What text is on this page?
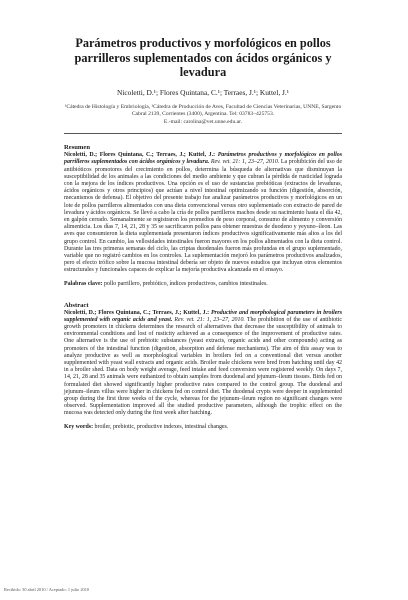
Parámetros productivos y morfológicos en pollos parrilleros suplementados con ácidos orgánicos y levadura
Nicoletti, D.¹; Flores Quintana, C.¹; Terraes, J.¹; Kuttel, J.¹
¹Cátedra de Histología y Embriología, ¹Cátedra de Producción de Aves, Facultad de Ciencias Veterinarias, UNNE, Sargento Cabral 2139, Corrientes (3400), Argentina. Tel: 03783–425753.
E.-mail: carolina@vet.unne.edu.ar.
Resumen

Nicoletti, D.; Flores Quintana, C.; Terraes, J.; Kuttel, J.: Parámetros productivos y morfológicos en pollos parrilleros suplementados con ácidos orgánicos y levadura. Rev. vet. 21: 1, 23–27, 2010. La prohibición del uso de antibióticos promotores del crecimiento en pollos, determina la búsqueda de alternativas que disminuyan la susceptibilidad de los animales a las condiciones del medio ambiente y que cubran la pérdida de rusticidad lograda con la mejora de los índices productivos. Una opción es el uso de sustancias prebióticas (extractos de levaduras, ácidos orgánicos y otros principios) que actúan a nivel intestinal optimizando su función (digestión, absorción, mecanismos de defensa). El objetivo del presente trabajo fue analizar parámetros productivos y morfológicos en un lote de pollos parrilleros alimentados con una dieta convencional versus otro suplementado con extracto de pared de levadura y ácidos orgánicos. Se llevó a cabo la cría de pollos parrilleros machos desde su nacimiento hasta el día 42, en galpón cerrado. Semanalmente se registraron los promedios de peso corporal, consumo de alimento y conversión alimenticia. Los días 7, 14, 21, 28 y 35 se sacrificaron pollos para obtener muestras de duodeno y yeyuno–íleon. Las aves que consumieron la dieta suplementada presentaron índices productivos significativamente más altos a los del grupo control. En cambio, las vellosidades intestinales fueron mayores en los pollos alimentados con la dieta control. Durante las tres primeras semanas del ciclo, las criptas duodenales fueron más profundas en el grupo suplementado, variable que no registró cambios en los controles. La suplementación mejoró los parámetros productivos analizados, pero el efecto trófico sobre la mucosa intestinal debería ser objeto de nuevos estudios que incluyan otros elementos estructurales y funcionales capaces de explicar la mejoría productiva alcanzada en el ensayo.

Palabras clave: pollo parrillero, prebiótico, índices productivos, cambios intestinales.
Abstract

Nicoletti, D.; Flores Quintana, C.; Terraes, J.; Kuttel, J.: Productive and morphological parameters in broilers supplemented with organic acids and yeast. Rev. vet. 21: 1, 23–27, 2010. The prohibition of the use of antibiotic growth promoters in chickens determines the research of alternatives that decrease the susceptibility of animals to environmental conditions and lost of rusticity achieved as a consequence of the improvement of productive rates. One alternative is the use of prebiotic substances (yeast extracts, organic acids and other compounds) acting as promoters of the intestinal function (digestion, absorption and defense mechanisms). The aim of this assay was to analyze productive as well as morphological variables in broilers fed on a conventional diet versus another supplemented with yeast wall extracts and organic acids. Broiler male chickens were bred from hatching until day 42 in a broiler shed. Data on body weight average, feed intake and feed conversion were registered weekly. On days 7, 14, 21, 28 and 35 animals were euthanized to obtain samples from duodenal and jejunum–ileum tissues. Birds fed on formulated diet showed significantly higher productive rates compared to the control group. The duodenal and jejunum–ileum villus were higher in chickens fed on control diet. The duodenal crypts were deeper in supplemented group during the first three weeks of the cycle, whereas for the jejunum–ileum region no significant changes were observed. Supplementation improved all the studied productive parameters, although the trophic effect on the mucosa was detected only during the first week after hatching.

Key words: broiler, prebiotic, productive indexes, intestinal changes.
Recibido: 30 abril 2010 / Aceptado: 1 julio 2010
